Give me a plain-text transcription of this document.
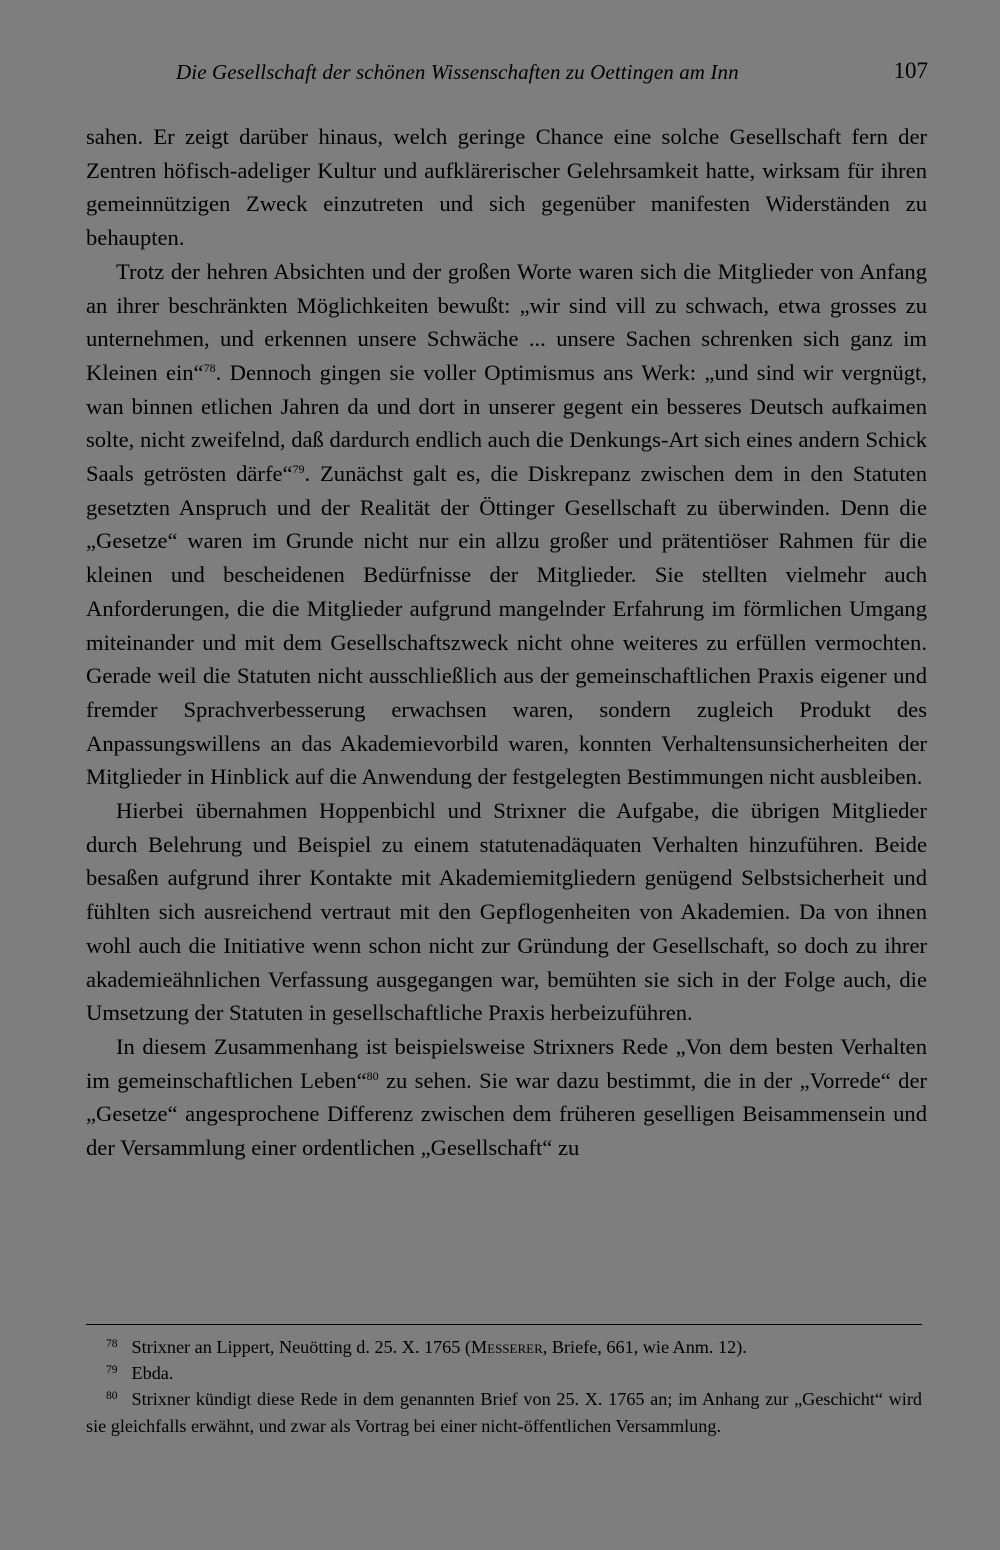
Die Gesellschaft der schönen Wissenschaften zu Oettingen am Inn	107

sahen. Er zeigt darüber hinaus, welch geringe Chance eine solche Gesellschaft fern der Zentren höfisch-adeliger Kultur und aufklärerischer Gelehrsamkeit hatte, wirksam für ihren gemeinnützigen Zweck einzutreten und sich gegenüber manifesten Widerständen zu behaupten.

Trotz der hehren Absichten und der großen Worte waren sich die Mitglieder von Anfang an ihrer beschränkten Möglichkeiten bewußt: „wir sind vill zu schwach, etwa grosses zu unternehmen, und erkennen unsere Schwäche ... unsere Sachen schrenken sich ganz im Kleinen ein“$^{78}$. Dennoch gingen sie voller Optimismus ans Werk: „und sind wir vergnügt, wan binnen etlichen Jahren da und dort in unserer gegent ein besseres Deutsch aufkaimen solte, nicht zweifelnd, daß dardurch endlich auch die Denkungs-Art sich eines andern Schick Saals getrösten därfe“$^{79}$. Zunächst galt es, die Diskrepanz zwischen dem in den Statuten gesetzten Anspruch und der Realität der Öttinger Gesellschaft zu überwinden. Denn die „Gesetze“ waren im Grunde nicht nur ein allzu großer und prätentiöser Rahmen für die kleinen und bescheidenen Bedürfnisse der Mitglieder. Sie stellten vielmehr auch Anforderungen, die die Mitglieder aufgrund mangelnder Erfahrung im förmlichen Umgang miteinander und mit dem Gesellschaftszweck nicht ohne weiteres zu erfüllen vermochten. Gerade weil die Statuten nicht ausschließlich aus der gemeinschaftlichen Praxis eigener und fremder Sprachverbesserung erwachsen waren, sondern zugleich Produkt des Anpassungswillens an das Akademievorbild waren, konnten Verhaltensunsicherheiten der Mitglieder in Hinblick auf die Anwendung der festgelegten Bestimmungen nicht ausbleiben.

Hierbei übernahmen Hoppenbichl und Strixner die Aufgabe, die übrigen Mitglieder durch Belehrung und Beispiel zu einem statutenadäquaten Verhalten hinzuführen. Beide besaßen aufgrund ihrer Kontakte mit Akademiemitgliedern genügend Selbstsicherheit und fühlten sich ausreichend vertraut mit den Gepflogenheiten von Akademien. Da von ihnen wohl auch die Initiative wenn schon nicht zur Gründung der Gesellschaft, so doch zu ihrer akademieähnlichen Verfassung ausgegangen war, bemühten sie sich in der Folge auch, die Umsetzung der Statuten in gesellschaftliche Praxis herbeizuführen.

In diesem Zusammenhang ist beispielsweise Strixners Rede „Von dem besten Verhalten im gemeinschaftlichen Leben“$^{80}$ zu sehen. Sie war dazu bestimmt, die in der „Vorrede“ der „Gesetze“ angesprochene Differenz zwischen dem früheren geselligen Beisammensein und der Versammlung einer ordentlichen „Gesellschaft“ zu

$^{78}$ Strixner an Lippert, Neuötting d. 25. X. 1765 (Messerer, Briefe, 661, wie Anm. 12).

$^{79}$ Ebda.

$^{80}$ Strixner kündigt diese Rede in dem genannten Brief von 25. X. 1765 an; im Anhang zur „Geschicht“ wird sie gleichfalls erwähnt, und zwar als Vortrag bei einer nicht-öffentlichen Versammlung.
